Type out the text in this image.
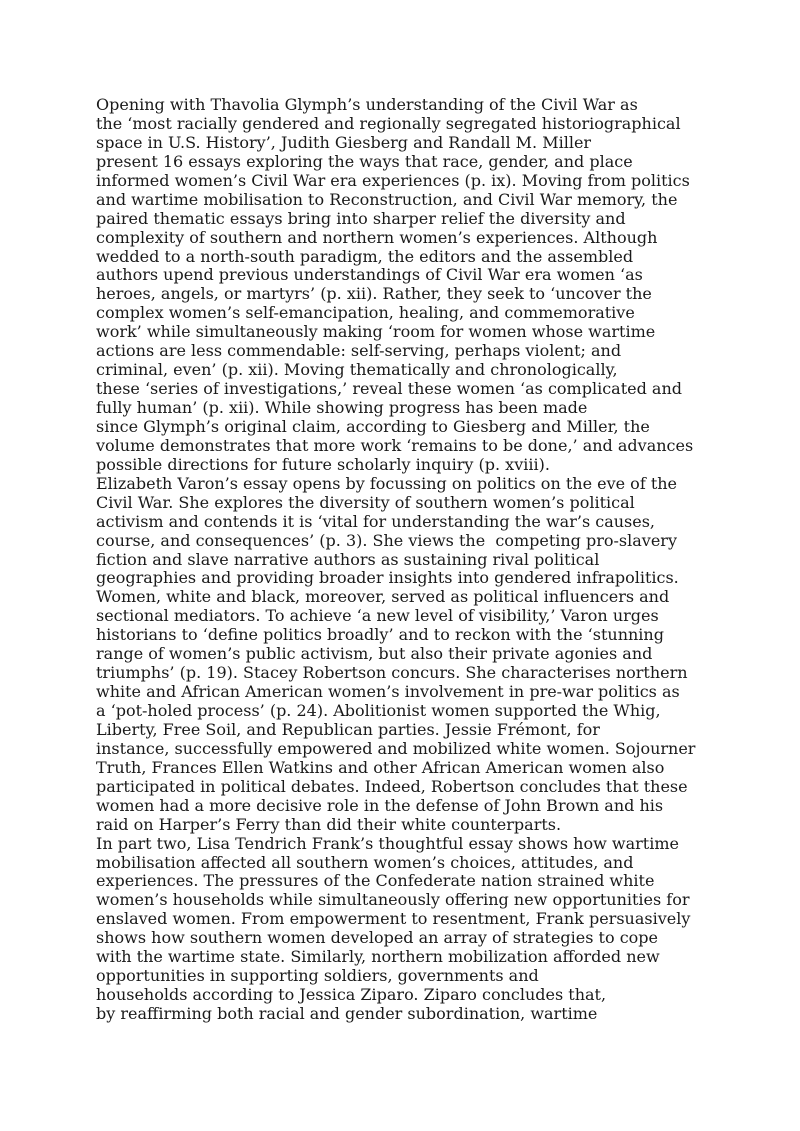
Opening with Thavolia Glymph’s understanding of the Civil War as
the ‘most racially gendered and regionally segregated historiographical
space in U.S. History’, Judith Giesberg and Randall M. Miller
present 16 essays exploring the ways that race, gender, and place
informed women’s Civil War era experiences (p. ix). Moving from politics
and wartime mobilisation to Reconstruction, and Civil War memory, the
paired thematic essays bring into sharper relief the diversity and
complexity of southern and northern women’s experiences. Although
wedded to a north-south paradigm, the editors and the assembled
authors upend previous understandings of Civil War era women ‘as
heroes, angels, or martyrs’ (p. xii). Rather, they seek to ‘uncover the
complex women’s self-emancipation, healing, and commemorative
work’ while simultaneously making ‘room for women whose wartime
actions are less commendable: self-serving, perhaps violent; and
criminal, even’ (p. xii). Moving thematically and chronologically,
these ‘series of investigations,’ reveal these women ‘as complicated and
fully human’ (p. xii). While showing progress has been made
since Glymph’s original claim, according to Giesberg and Miller, the
volume demonstrates that more work ‘remains to be done,’ and advances
possible directions for future scholarly inquiry (p. xviii).
Elizabeth Varon’s essay opens by focussing on politics on the eve of the
Civil War. She explores the diversity of southern women’s political
activism and contends it is ‘vital for understanding the war’s causes,
course, and consequences’ (p. 3). She views the  competing pro-slavery
fiction and slave narrative authors as sustaining rival political
geographies and providing broader insights into gendered infrapolitics.
Women, white and black, moreover, served as political influencers and
sectional mediators. To achieve ‘a new level of visibility,’ Varon urges
historians to ‘define politics broadly’ and to reckon with the ‘stunning
range of women’s public activism, but also their private agonies and
triumphs’ (p. 19). Stacey Robertson concurs. She characterises northern
white and African American women’s involvement in pre-war politics as
a ‘pot-holed process’ (p. 24). Abolitionist women supported the Whig,
Liberty, Free Soil, and Republican parties. Jessie Frémont, for
instance, successfully empowered and mobilized white women. Sojourner
Truth, Frances Ellen Watkins and other African American women also
participated in political debates. Indeed, Robertson concludes that these
women had a more decisive role in the defense of John Brown and his
raid on Harper’s Ferry than did their white counterparts.
In part two, Lisa Tendrich Frank’s thoughtful essay shows how wartime
mobilisation affected all southern women’s choices, attitudes, and
experiences. The pressures of the Confederate nation strained white
women’s households while simultaneously offering new opportunities for
enslaved women. From empowerment to resentment, Frank persuasively
shows how southern women developed an array of strategies to cope
with the wartime state. Similarly, northern mobilization afforded new
opportunities in supporting soldiers, governments and
households according to Jessica Ziparo. Ziparo concludes that,
by reaffirming both racial and gender subordination, wartime
